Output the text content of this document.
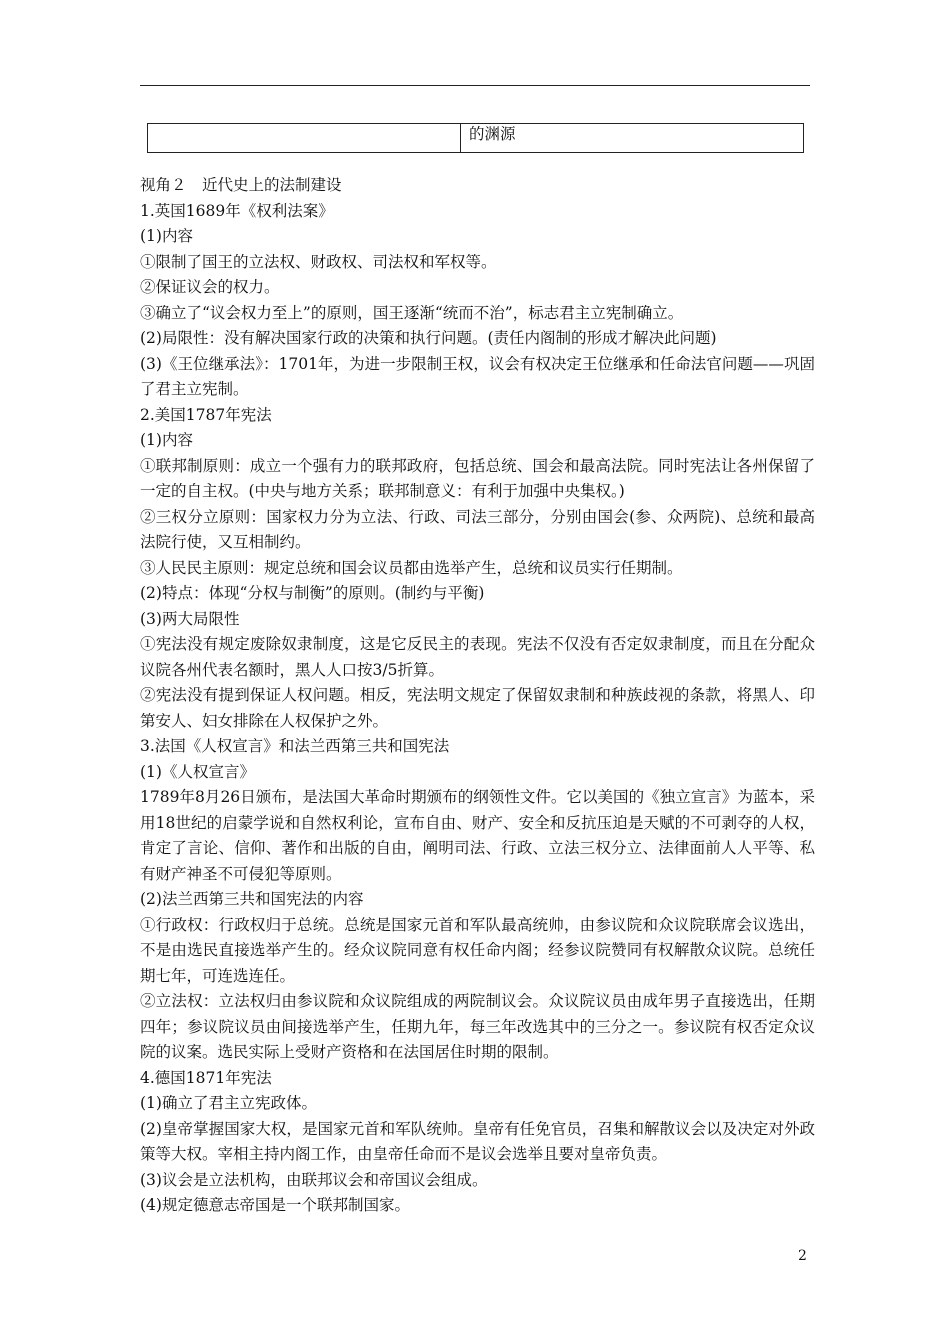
	的渊源

视角２　近代史上的法制建设

1.英国1689年《权利法案》

(1)内容

①限制了国王的立法权、财政权、司法权和军权等。

②保证议会的权力。

③确立了“议会权力至上”的原则，国王逐渐“统而不治”，标志君主立宪制确立。

(2)局限性：没有解决国家行政的决策和执行问题。(责任内阁制的形成才解决此问题)

(3)《王位继承法》：1701年，为进一步限制王权，议会有权决定王位继承和任命法官问题——巩固了君主立宪制。

2.美国1787年宪法

(1)内容

①联邦制原则：成立一个强有力的联邦政府，包括总统、国会和最高法院。同时宪法让各州保留了一定的自主权。(中央与地方关系；联邦制意义：有利于加强中央集权。)

②三权分立原则：国家权力分为立法、行政、司法三部分，分别由国会(参、众两院)、总统和最高法院行使，又互相制约。

③人民民主原则：规定总统和国会议员都由选举产生，总统和议员实行任期制。

(2)特点：体现“分权与制衡”的原则。(制约与平衡)

(3)两大局限性

①宪法没有规定废除奴隶制度，这是它反民主的表现。宪法不仅没有否定奴隶制度，而且在分配众议院各州代表名额时，黑人人口按3/5折算。

②宪法没有提到保证人权问题。相反，宪法明文规定了保留奴隶制和种族歧视的条款，将黑人、印第安人、妇女排除在人权保护之外。

3.法国《人权宣言》和法兰西第三共和国宪法

(1)《人权宣言》

1789年8月26日颁布，是法国大革命时期颁布的纲领性文件。它以美国的《独立宣言》为蓝本，采用18世纪的启蒙学说和自然权利论，宣布自由、财产、安全和反抗压迫是天赋的不可剥夺的人权，肯定了言论、信仰、著作和出版的自由，阐明司法、行政、立法三权分立、法律面前人人平等、私有财产神圣不可侵犯等原则。

(2)法兰西第三共和国宪法的内容

①行政权：行政权归于总统。总统是国家元首和军队最高统帅，由参议院和众议院联席会议选出，不是由选民直接选举产生的。经众议院同意有权任命内阁；经参议院赞同有权解散众议院。总统任期七年，可连选连任。

②立法权：立法权归由参议院和众议院组成的两院制议会。众议院议员由成年男子直接选出，任期四年；参议院议员由间接选举产生，任期九年，每三年改选其中的三分之一。参议院有权否定众议院的议案。选民实际上受财产资格和在法国居住时期的限制。

4.德国1871年宪法

(1)确立了君主立宪政体。

(2)皇帝掌握国家大权，是国家元首和军队统帅。皇帝有任免官员，召集和解散议会以及决定对外政策等大权。宰相主持内阁工作，由皇帝任命而不是议会选举且要对皇帝负责。

(3)议会是立法机构，由联邦议会和帝国议会组成。

(4)规定德意志帝国是一个联邦制国家。

2
